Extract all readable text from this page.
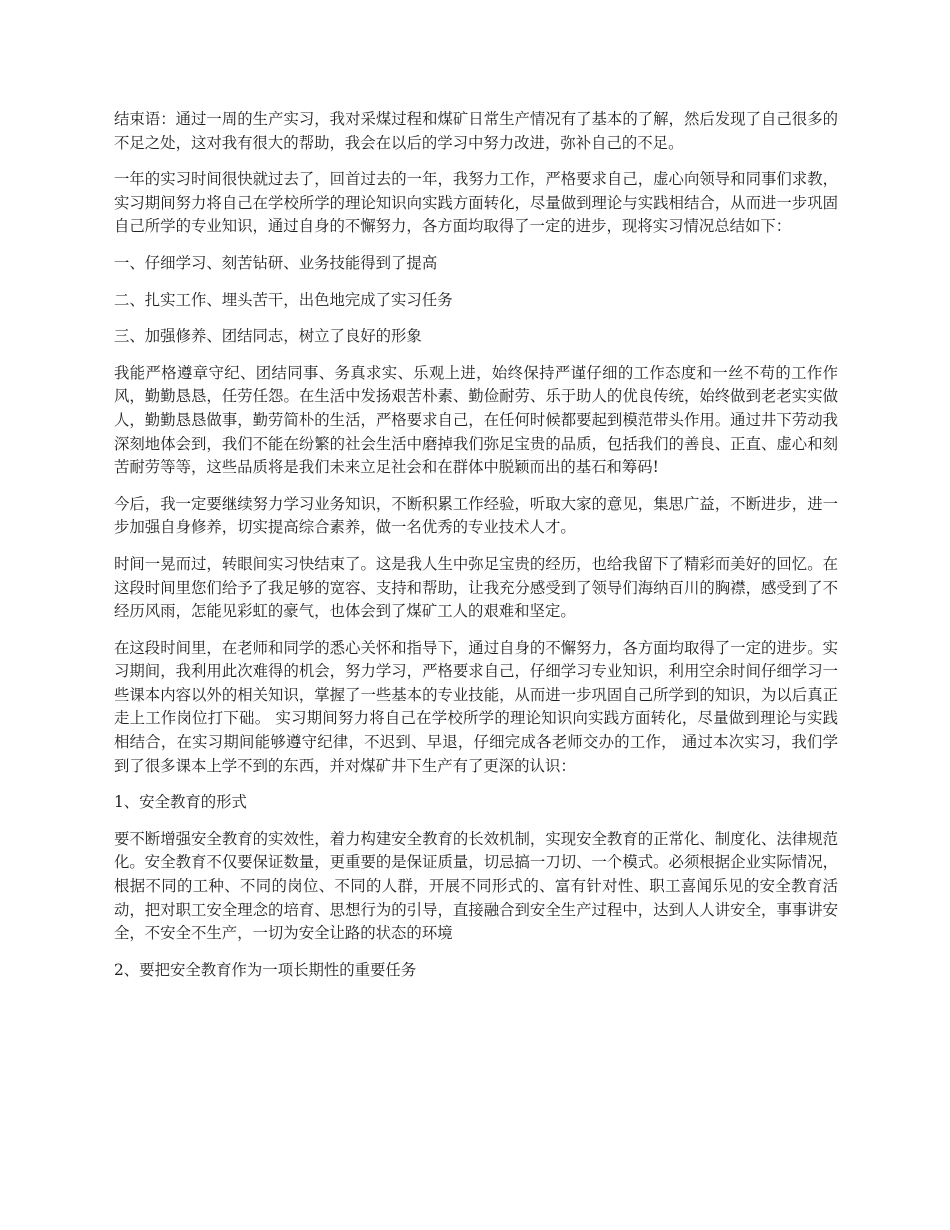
结束语：通过一周的生产实习，我对采煤过程和煤矿日常生产情况有了基本的了解，然后发现了自己很多的不足之处，这对我有很大的帮助，我会在以后的学习中努力改进，弥补自己的不足。

一年的实习时间很快就过去了，回首过去的一年，我努力工作，严格要求自己，虚心向领导和同事们求教，实习期间努力将自己在学校所学的理论知识向实践方面转化，尽量做到理论与实践相结合，从而进一步巩固自己所学的专业知识，通过自身的不懈努力，各方面均取得了一定的进步，现将实习情况总结如下：

一、仔细学习、刻苦钻研、业务技能得到了提高

二、扎实工作、埋头苦干，出色地完成了实习任务

三、加强修养、团结同志，树立了良好的形象

我能严格遵章守纪、团结同事、务真求实、乐观上进，始终保持严谨仔细的工作态度和一丝不苟的工作作风，勤勤恳恳，任劳任怨。在生活中发扬艰苦朴素、勤俭耐劳、乐于助人的优良传统，始终做到老老实实做人，勤勤恳恳做事，勤劳简朴的生活，严格要求自己，在任何时候都要起到模范带头作用。通过井下劳动我深刻地体会到，我们不能在纷繁的社会生活中磨掉我们弥足宝贵的品质，包括我们的善良、正直、虚心和刻苦耐劳等等，这些品质将是我们未来立足社会和在群体中脱颖而出的基石和筹码!

今后，我一定要继续努力学习业务知识，不断积累工作经验，听取大家的意见，集思广益，不断进步，进一步加强自身修养，切实提高综合素养，做一名优秀的专业技术人才。

时间一晃而过，转眼间实习快结束了。这是我人生中弥足宝贵的经历，也给我留下了精彩而美好的回忆。在这段时间里您们给予了我足够的宽容、支持和帮助，让我充分感受到了领导们海纳百川的胸襟，感受到了不经历风雨，怎能见彩虹的豪气，也体会到了煤矿工人的艰难和坚定。

在这段时间里，在老师和同学的悉心关怀和指导下，通过自身的不懈努力，各方面均取得了一定的进步。实习期间，我利用此次难得的机会，努力学习，严格要求自己，仔细学习专业知识，利用空余时间仔细学习一些课本内容以外的相关知识，掌握了一些基本的专业技能，从而进一步巩固自己所学到的知识，为以后真正走上工作岗位打下础。 实习期间努力将自己在学校所学的理论知识向实践方面转化，尽量做到理论与实践相结合，在实习期间能够遵守纪律，不迟到、早退，仔细完成各老师交办的工作， 通过本次实习，我们学到了很多课本上学不到的东西，并对煤矿井下生产有了更深的认识：

1、安全教育的形式

要不断增强安全教育的实效性，着力构建安全教育的长效机制，实现安全教育的正常化、制度化、法律规范化。安全教育不仅要保证数量，更重要的是保证质量，切忌搞一刀切、一个模式。必须根据企业实际情况，根据不同的工种、不同的岗位、不同的人群，开展不同形式的、富有针对性、职工喜闻乐见的安全教育活动，把对职工安全理念的培育、思想行为的引导，直接融合到安全生产过程中，达到人人讲安全，事事讲安全，不安全不生产，一切为安全让路的状态的环境

2、要把安全教育作为一项长期性的重要任务
